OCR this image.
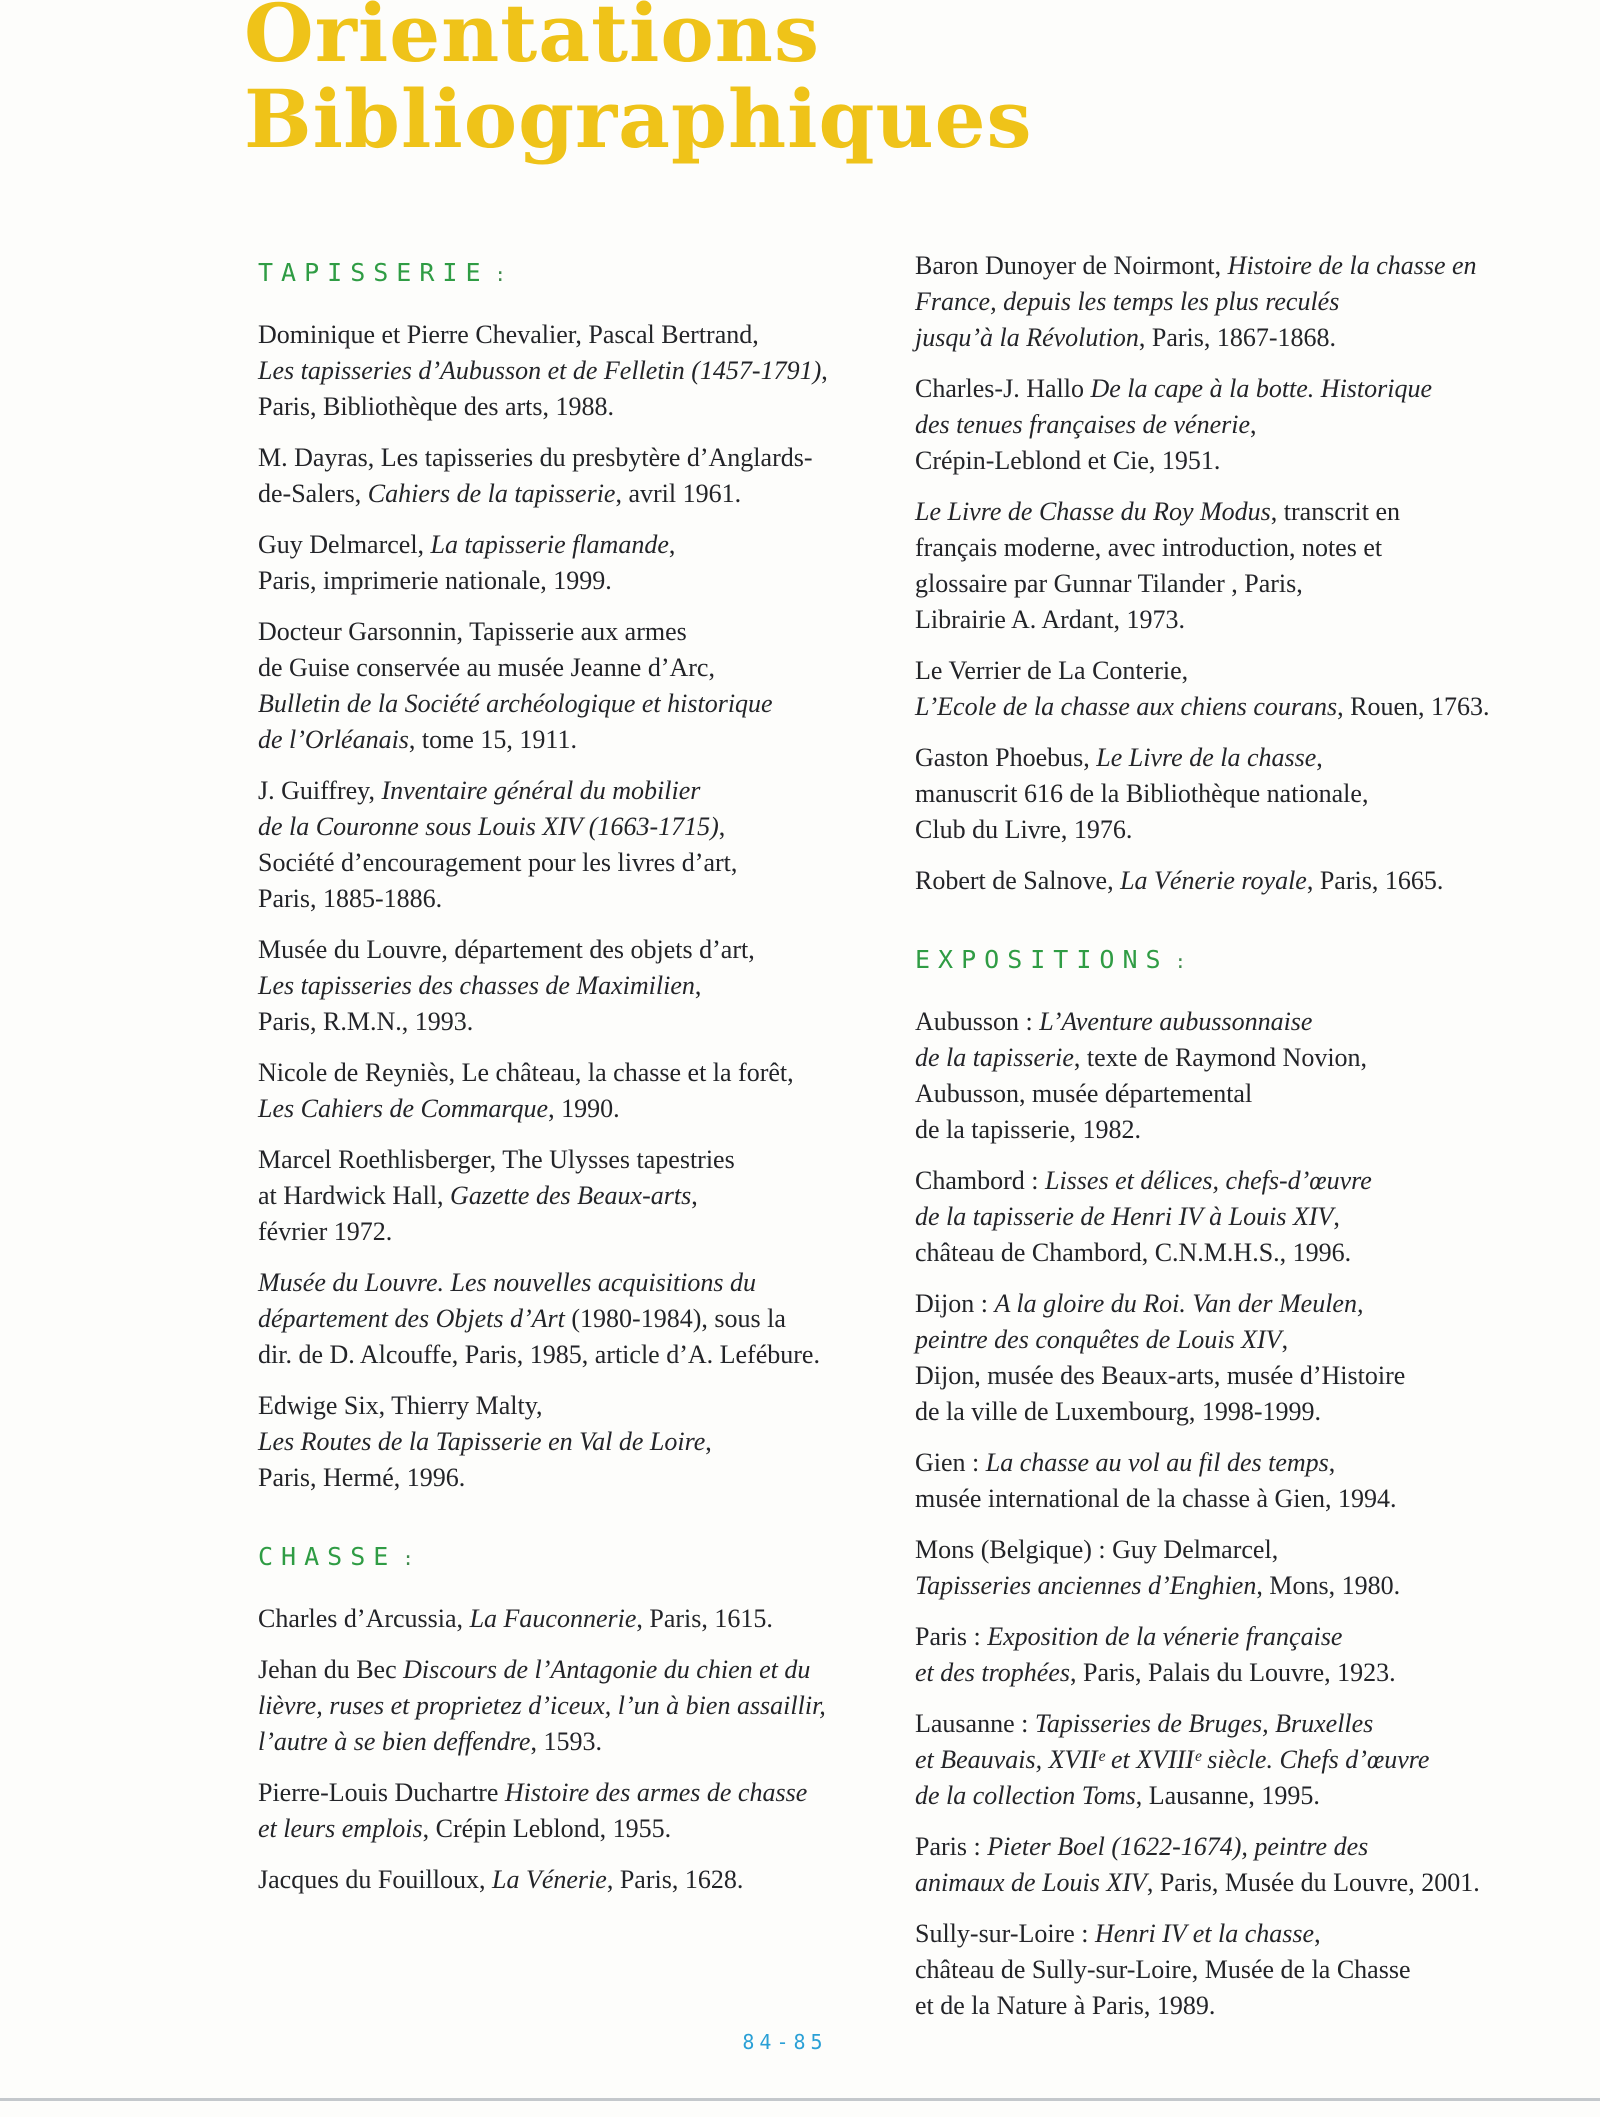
Orientations
Bibliographiques
TAPISSERIE :
Dominique et Pierre Chevalier, Pascal Bertrand,
Les tapisseries d’Aubusson et de Felletin (1457-1791),
Paris, Bibliothèque des arts, 1988.
M. Dayras, Les tapisseries du presbytère d’Anglards-
de-Salers, Cahiers de la tapisserie, avril 1961.
Guy Delmarcel, La tapisserie flamande,
Paris, imprimerie nationale, 1999.
Docteur Garsonnin, Tapisserie aux armes
de Guise conservée au musée Jeanne d’Arc,
Bulletin de la Société archéologique et historique
de l’Orléanais, tome 15, 1911.
J. Guiffrey, Inventaire général du mobilier
de la Couronne sous Louis XIV (1663-1715),
Société d’encouragement pour les livres d’art,
Paris, 1885-1886.
Musée du Louvre, département des objets d’art,
Les tapisseries des chasses de Maximilien,
Paris, R.M.N., 1993.
Nicole de Reyniès, Le château, la chasse et la forêt,
Les Cahiers de Commarque, 1990.
Marcel Roethlisberger, The Ulysses tapestries
at Hardwick Hall, Gazette des Beaux-arts,
février 1972.
Musée du Louvre. Les nouvelles acquisitions du
département des Objets d’Art (1980-1984), sous la
dir. de D. Alcouffe, Paris, 1985, article d’A. Lefébure.
Edwige Six, Thierry Malty,
Les Routes de la Tapisserie en Val de Loire,
Paris, Hermé, 1996.
CHASSE :
Charles d’Arcussia, La Fauconnerie, Paris, 1615.
Jehan du Bec Discours de l’Antagonie du chien et du
lièvre, ruses et proprietez d’iceux, l’un à bien assaillir,
l’autre à se bien deffendre, 1593.
Pierre-Louis Duchartre Histoire des armes de chasse
et leurs emplois, Crépin Leblond, 1955.
Jacques du Fouilloux, La Vénerie, Paris, 1628.
Baron Dunoyer de Noirmont, Histoire de la chasse en
France, depuis les temps les plus reculés
jusqu’à la Révolution, Paris, 1867-1868.
Charles-J. Hallo De la cape à la botte. Historique
des tenues françaises de vénerie,
Crépin-Leblond et Cie, 1951.
Le Livre de Chasse du Roy Modus, transcrit en
français moderne, avec introduction, notes et
glossaire par Gunnar Tilander , Paris,
Librairie A. Ardant, 1973.
Le Verrier de La Conterie,
L’Ecole de la chasse aux chiens courans, Rouen, 1763.
Gaston Phoebus, Le Livre de la chasse,
manuscrit 616 de la Bibliothèque nationale,
Club du Livre, 1976.
Robert de Salnove, La Vénerie royale, Paris, 1665.
EXPOSITIONS :
Aubusson : L’Aventure aubussonnaise
de la tapisserie, texte de Raymond Novion,
Aubusson, musée départemental
de la tapisserie, 1982.
Chambord : Lisses et délices, chefs-d’œuvre
de la tapisserie de Henri IV à Louis XIV,
château de Chambord, C.N.M.H.S., 1996.
Dijon : A la gloire du Roi. Van der Meulen,
peintre des conquêtes de Louis XIV,
Dijon, musée des Beaux-arts, musée d’Histoire
de la ville de Luxembourg, 1998-1999.
Gien : La chasse au vol au fil des temps,
musée international de la chasse à Gien, 1994.
Mons (Belgique) : Guy Delmarcel,
Tapisseries anciennes d’Enghien, Mons, 1980.
Paris : Exposition de la vénerie française
et des trophées, Paris, Palais du Louvre, 1923.
Lausanne : Tapisseries de Bruges, Bruxelles
et Beauvais, XVIIᵉ et XVIIIᵉ siècle. Chefs d’œuvre
de la collection Toms, Lausanne, 1995.
Paris : Pieter Boel (1622-1674), peintre des
animaux de Louis XIV, Paris, Musée du Louvre, 2001.
Sully-sur-Loire : Henri IV et la chasse,
château de Sully-sur-Loire, Musée de la Chasse
et de la Nature à Paris, 1989.
84-85
